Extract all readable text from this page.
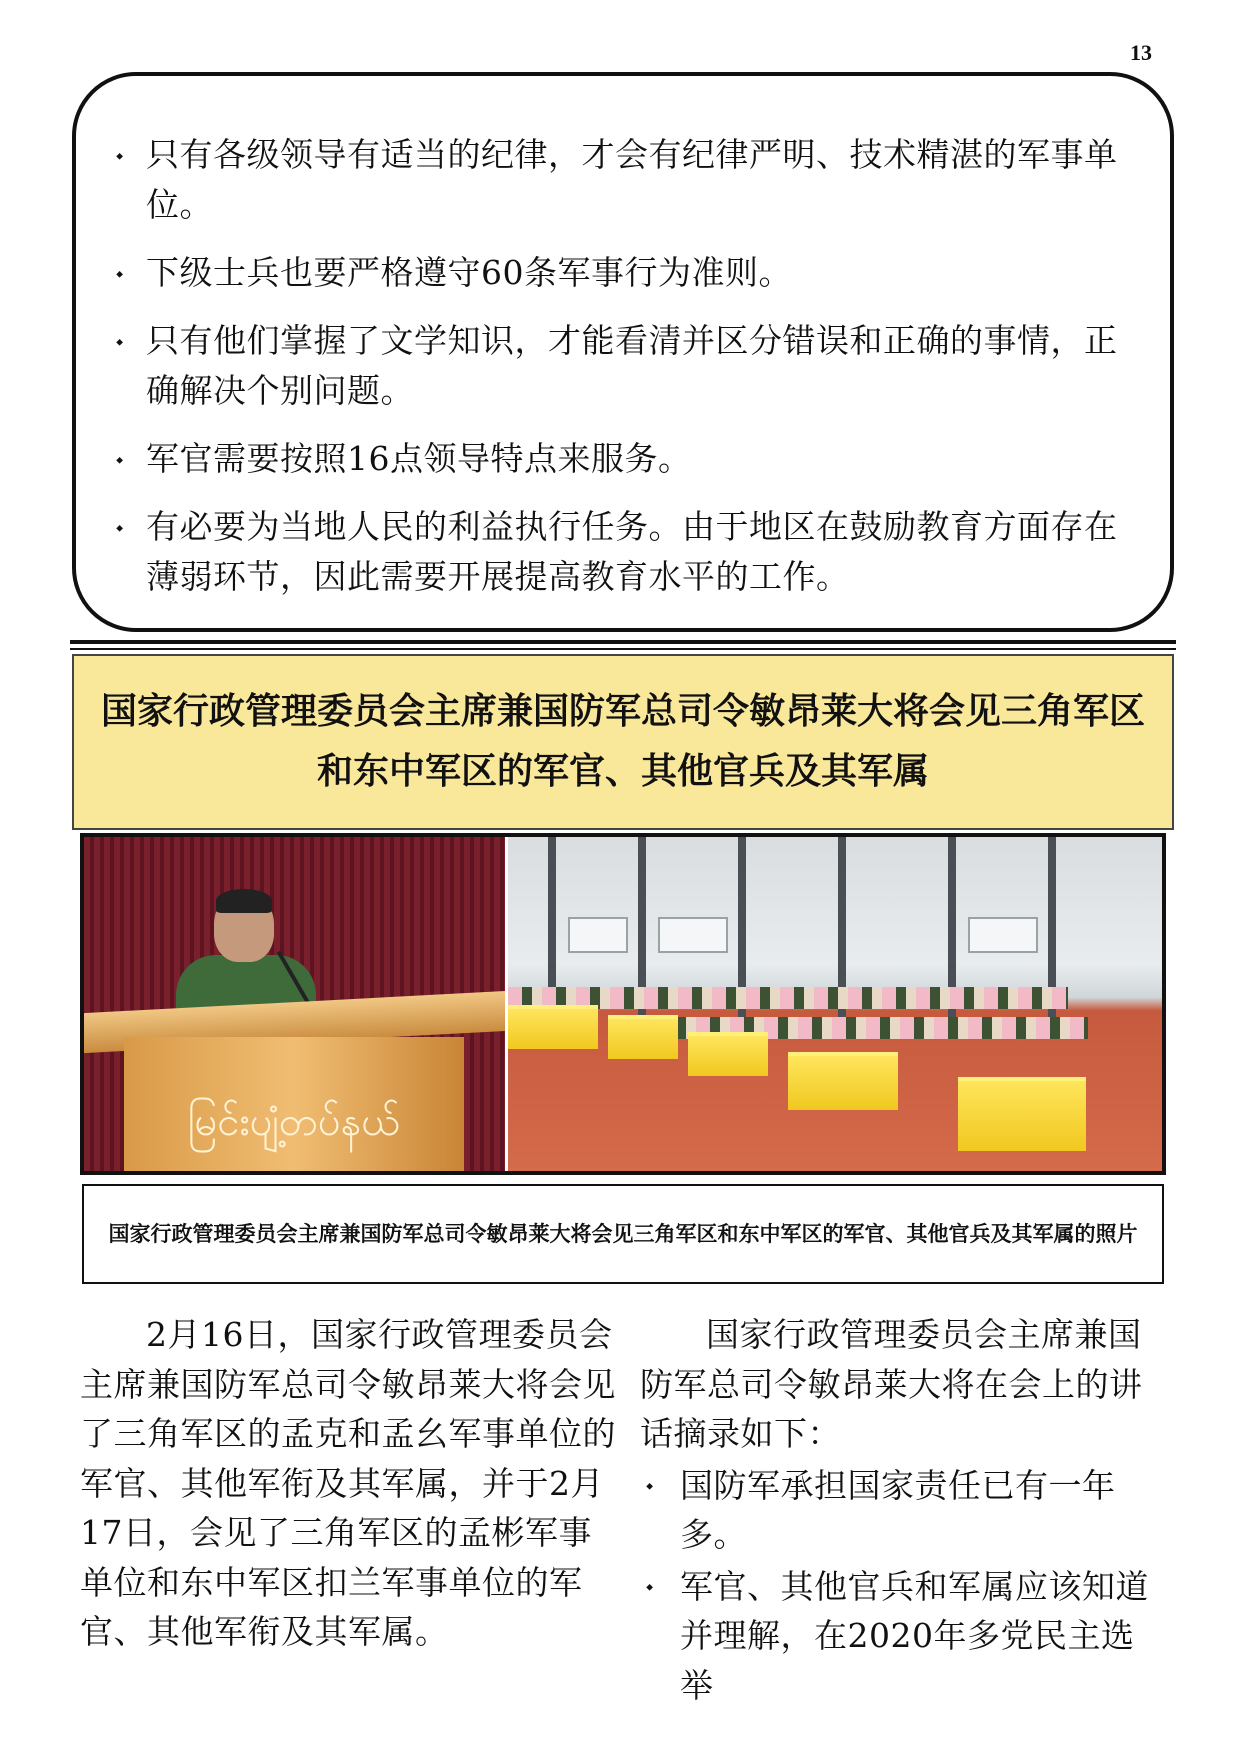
13
⬩ 只有各级领导有适当的纪律，才会有纪律严明、技术精湛的军事单位。
⬩ 下级士兵也要严格遵守60条军事行为准则。
⬩ 只有他们掌握了文学知识，才能看清并区分错误和正确的事情，正确解决个别问题。
⬩ 军官需要按照16点领导特点来服务。
⬩ 有必要为当地人民的利益执行任务。由于地区在鼓励教育方面存在薄弱环节，因此需要开展提高教育水平的工作。
国家行政管理委员会主席兼国防军总司令敏昂莱大将会见三角军区和东中军区的军官、其他官兵及其军属
မြင်းပျံ့တပ်နယ်

国家行政管理委员会主席兼国防军总司令敏昂莱大将会见三角军区和东中军区的军官、其他官兵及其军属的照片

2月16日，国家行政管理委员会主席兼国防军总司令敏昂莱大将会见了三角军区的孟克和孟幺军事单位的军官、其他军衔及其军属，并于2月17日，会见了三角军区的孟彬军事单位和东中军区扣兰军事单位的军官、其他军衔及其军属。

国家行政管理委员会主席兼国防军总司令敏昂莱大将在会上的讲话摘录如下：

⬩ 国防军承担国家责任已有一年多。
⬩ 军官、其他官兵和军属应该知道并理解，在2020年多党民主选举
